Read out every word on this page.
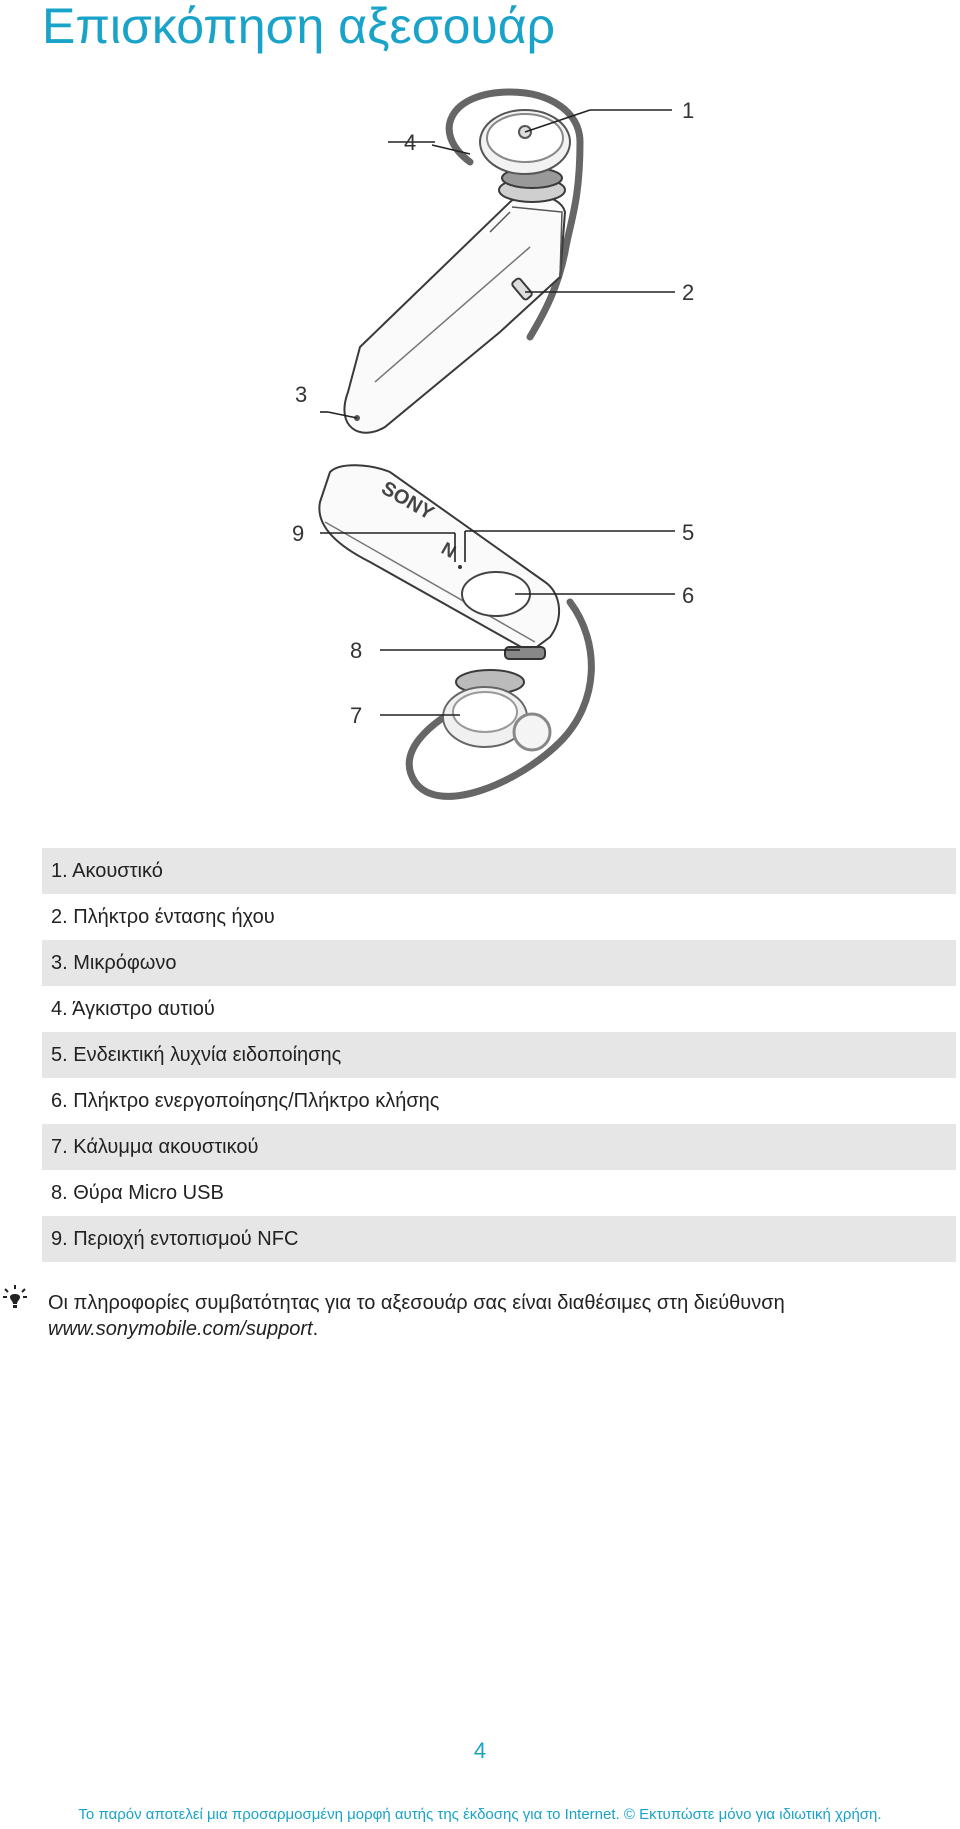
Επισκόπηση αξεσουάρ
1
2
3
4
SONY
N
5
6
7
8
9
1. Ακουστικό
2. Πλήκτρο έντασης ήχου
3. Μικρόφωνο
4. Άγκιστρο αυτιού
5. Ενδεικτική λυχνία ειδοποίησης
6. Πλήκτρο ενεργοποίησης/Πλήκτρο κλήσης
7. Κάλυμμα ακουστικού
8. Θύρα Micro USB
9. Περιοχή εντοπισμού NFC
Οι πληροφορίες συμβατότητας για το αξεσουάρ σας είναι διαθέσιμες στη διεύθυνση
www.sonymobile.com/support.
4
Το παρόν αποτελεί μια προσαρμοσμένη μορφή αυτής της έκδοσης για το Internet. © Εκτυπώστε μόνο για ιδιωτική χρήση.
